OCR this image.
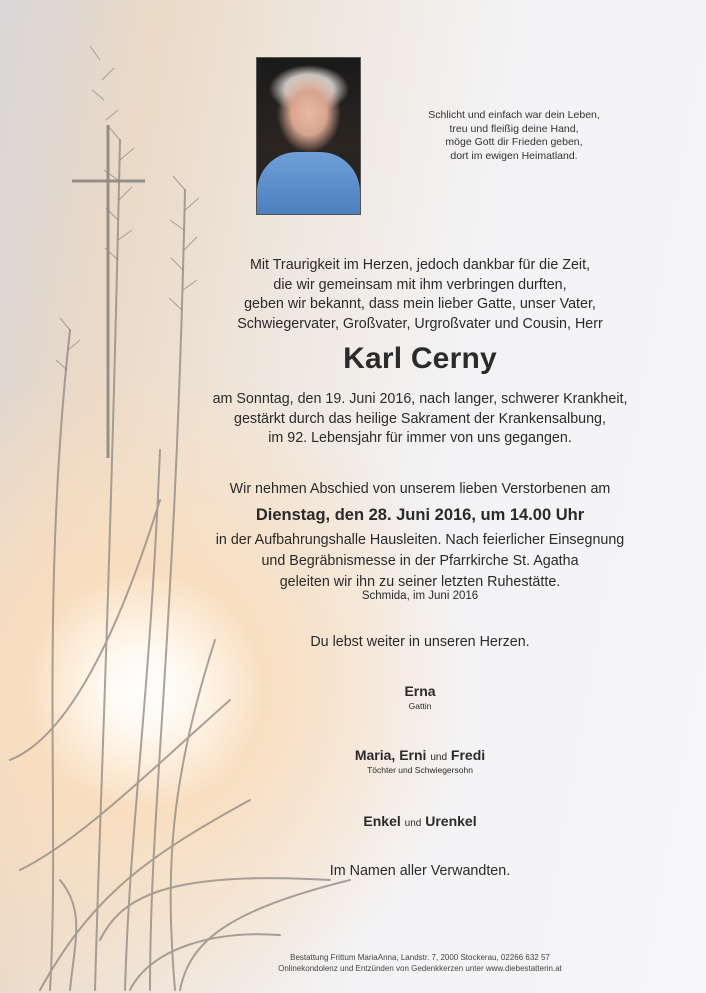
Schlicht und einfach war dein Leben,
treu und fleißig deine Hand,
möge Gott dir Frieden geben,
dort im ewigen Heimatland.
Mit Traurigkeit im Herzen, jedoch dankbar für die Zeit,
die wir gemeinsam mit ihm verbringen durften,
geben wir bekannt, dass mein lieber Gatte, unser Vater,
Schwiegervater, Großvater, Urgroßvater und Cousin, Herr
Karl Cerny
am Sonntag, den 19. Juni 2016, nach langer, schwerer Krankheit,
gestärkt durch das heilige Sakrament der Krankensalbung,
im 92. Lebensjahr für immer von uns gegangen.
Wir nehmen Abschied von unserem lieben Verstorbenen am
Dienstag, den 28. Juni 2016, um 14.00 Uhr
in der Aufbahrungshalle Hausleiten. Nach feierlicher Einsegnung
und Begräbnismesse in der Pfarrkirche St. Agatha
geleiten wir ihn zu seiner letzten Ruhestätte.
Schmida, im Juni 2016
Du lebst weiter in unseren Herzen.
Erna
Gattin
Maria, Erni und Fredi
Töchter und Schwiegersohn
Enkel und Urenkel
Im Namen aller Verwandten.
Bestattung Frittum MariaAnna, Landstr. 7, 2000 Stockerau, 02266 632 57
Onlinekondolenz und Entzünden von Gedenkkerzen unter www.diebestatterin.at
